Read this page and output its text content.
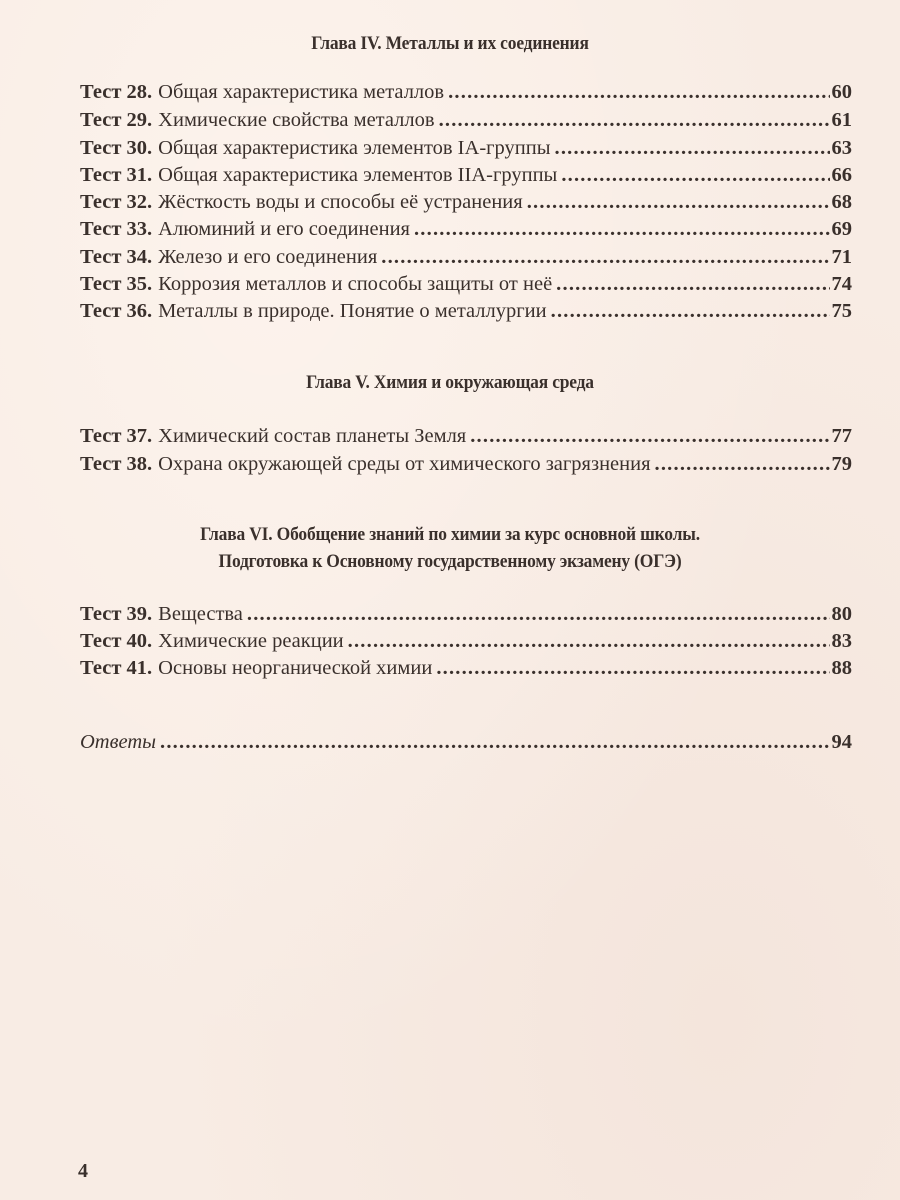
Глава IV. Металлы и их соединения
Тест 28. Общая характеристика металлов .....	60
Тест 29. Химические свойства металлов .....	61
Тест 30. Общая характеристика элементов IA-группы .....	63
Тест 31. Общая характеристика элементов IIA-группы .....	66
Тест 32. Жёсткость воды и способы её устранения .....	68
Тест 33. Алюминий и его соединения .....	69
Тест 34. Железо и его соединения .....	71
Тест 35. Коррозия металлов и способы защиты от неё .....	74
Тест 36. Металлы в природе. Понятие о металлургии .....	75
Глава V. Химия и окружающая среда
Тест 37. Химический состав планеты Земля .....	77
Тест 38. Охрана окружающей среды от химического загрязнения .....	79
Глава VI. Обобщение знаний по химии за курс основной школы.
Подготовка к Основному государственному экзамену (ОГЭ)
Тест 39. Вещества .....	80
Тест 40. Химические реакции .....	83
Тест 41. Основы неорганической химии .....	88
Ответы .....	94
4
